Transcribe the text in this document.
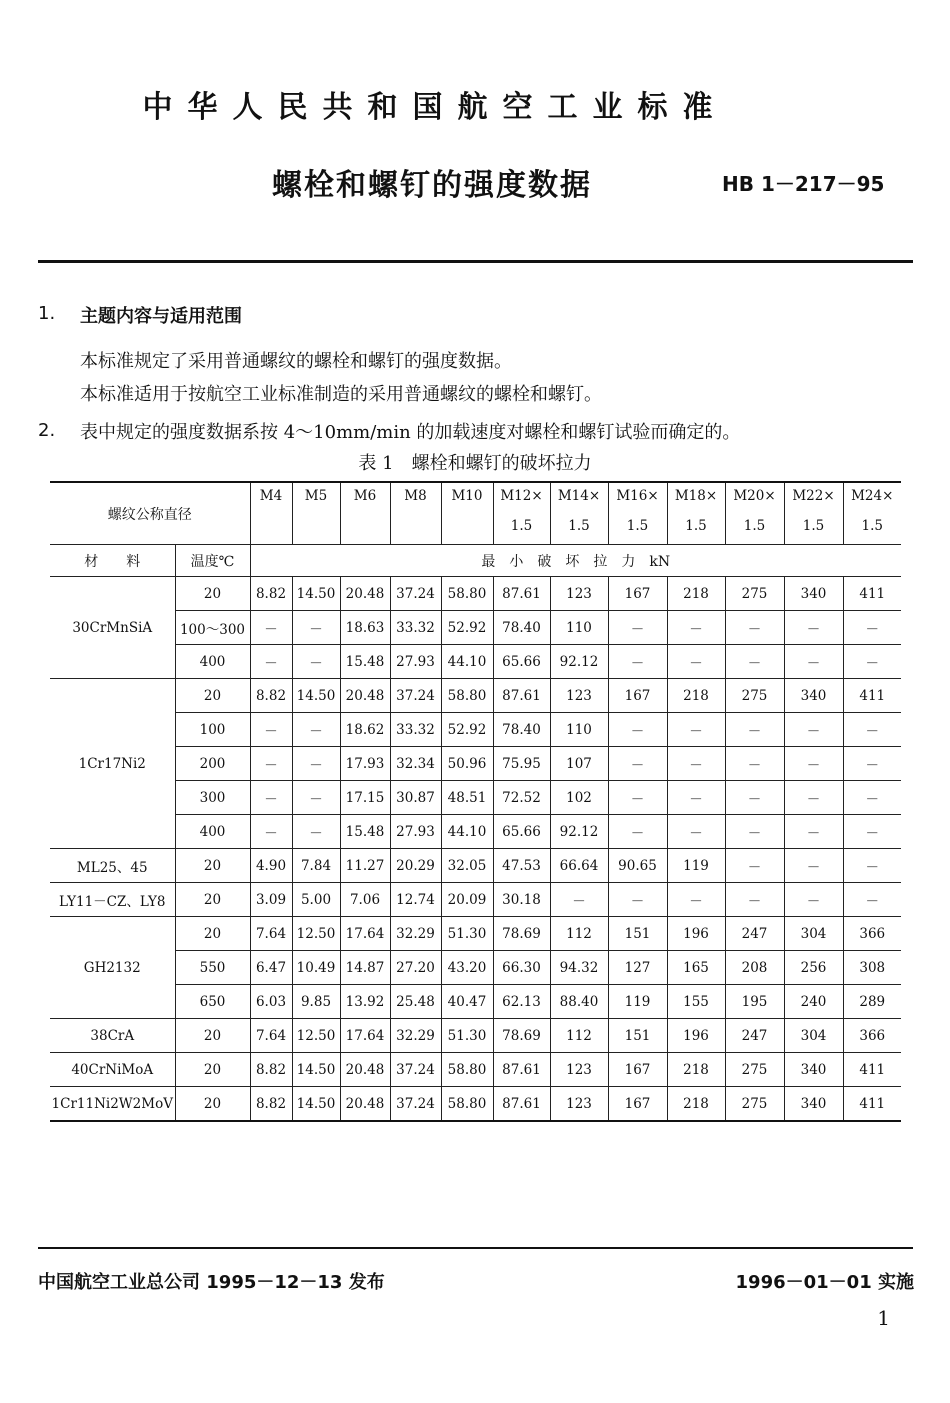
中华人民共和国航空工业标准
螺栓和螺钉的强度数据	HB 1－217－95
1. 主题内容与适用范围
本标准规定了采用普通螺纹的螺栓和螺钉的强度数据。
本标准适用于按航空工业标准制造的采用普通螺纹的螺栓和螺钉。
2. 表中规定的强度数据系按 4～10mm/min 的加载速度对螺栓和螺钉试验而确定的。
表 1　螺栓和螺钉的破坏拉力
螺纹公称直径		M4	M5	M6	M8	M10	M12×	M14×	M16×	M18×	M20×	M22×	M24×
							1.5	1.5	1.5	1.5	1.5	1.5	1.5
材　　料	温度℃	最　小　破　坏　拉　力　kN											
30CrMnSiA	20	8.82	14.50	20.48	37.24	58.80	87.61	123	167	218	275	340	411
	100～300	－	－	18.63	33.32	52.92	78.40	110	－	－	－	－	－
	400	－	－	15.48	27.93	44.10	65.66	92.12	－	－	－	－	－
1Cr17Ni2	20	8.82	14.50	20.48	37.24	58.80	87.61	123	167	218	275	340	411
	100	－	－	18.62	33.32	52.92	78.40	110	－	－	－	－	－
	200	－	－	17.93	32.34	50.96	75.95	107	－	－	－	－	－
	300	－	－	17.15	30.87	48.51	72.52	102	－	－	－	－	－
	400	－	－	15.48	27.93	44.10	65.66	92.12	－	－	－	－	－
ML25、45	20	4.90	7.84	11.27	20.29	32.05	47.53	66.64	90.65	119	－	－	－
LY11－CZ、LY8	20	3.09	5.00	7.06	12.74	20.09	30.18	－	－	－	－	－	－
GH2132	20	7.64	12.50	17.64	32.29	51.30	78.69	112	151	196	247	304	366
	550	6.47	10.49	14.87	27.20	43.20	66.30	94.32	127	165	208	256	308
	650	6.03	9.85	13.92	25.48	40.47	62.13	88.40	119	155	195	240	289
38CrA	20	7.64	12.50	17.64	32.29	51.30	78.69	112	151	196	247	304	366
40CrNiMoA	20	8.82	14.50	20.48	37.24	58.80	87.61	123	167	218	275	340	411
1Cr11Ni2W2MoV	20	8.82	14.50	20.48	37.24	58.80	87.61	123	167	218	275	340	411
中国航空工业总公司 1995－12－13 发布	1996－01－01 实施
1
